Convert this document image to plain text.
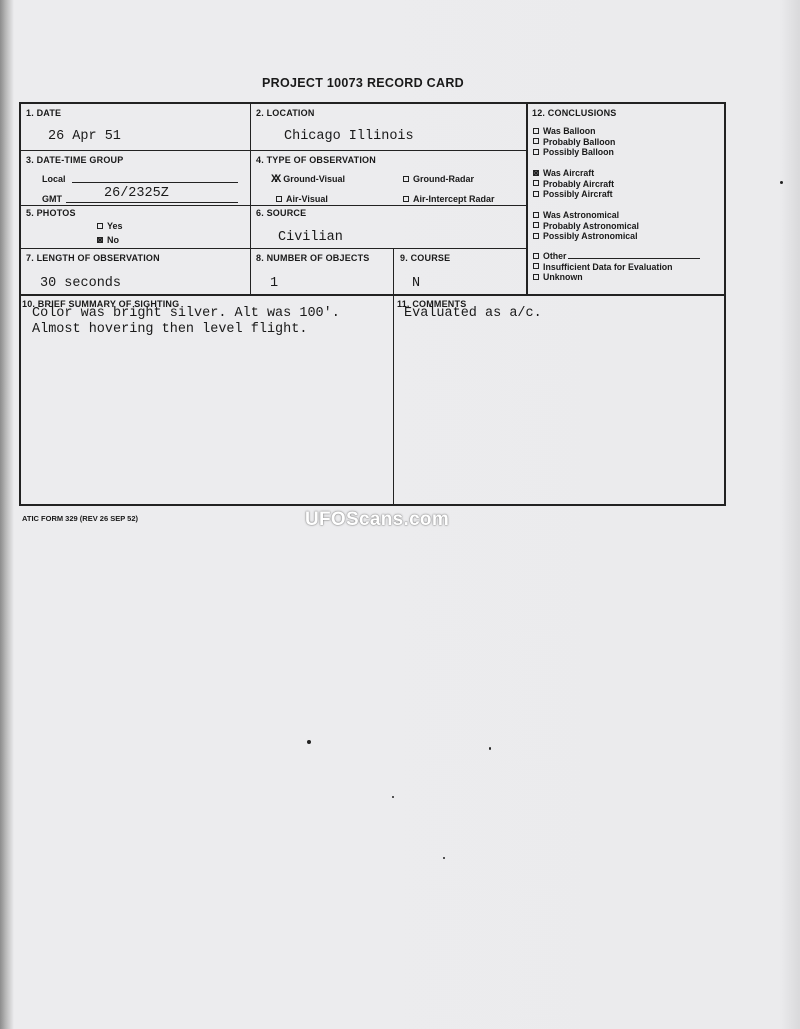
PROJECT 10073 RECORD CARD
1. DATE
26 Apr 51
2. LOCATION
Chicago Illinois
3. DATE-TIME GROUP
Local
GMT	26/2325Z
4. TYPE OF OBSERVATION
XX Ground-Visual	Ground-Radar
Air-Visual	Air-Intercept Radar
5. PHOTOS
Yes
No
6. SOURCE
Civilian
7. LENGTH OF OBSERVATION
30 seconds
8. NUMBER OF OBJECTS
1
9. COURSE
N
10. BRIEF SUMMARY OF SIGHTING
Color was bright silver. Alt was 100'.
Almost hovering then level flight.
11. COMMENTS
Evaluated as a/c.
12. CONCLUSIONS
Was Balloon
Probably Balloon
Possibly Balloon
Was Aircraft
Probably Aircraft
Possibly Aircraft
Was Astronomical
Probably Astronomical
Possibly Astronomical
Other
Insufficient Data for Evaluation
Unknown
ATIC FORM 329 (REV 26 SEP 52)	UFOScans.com
